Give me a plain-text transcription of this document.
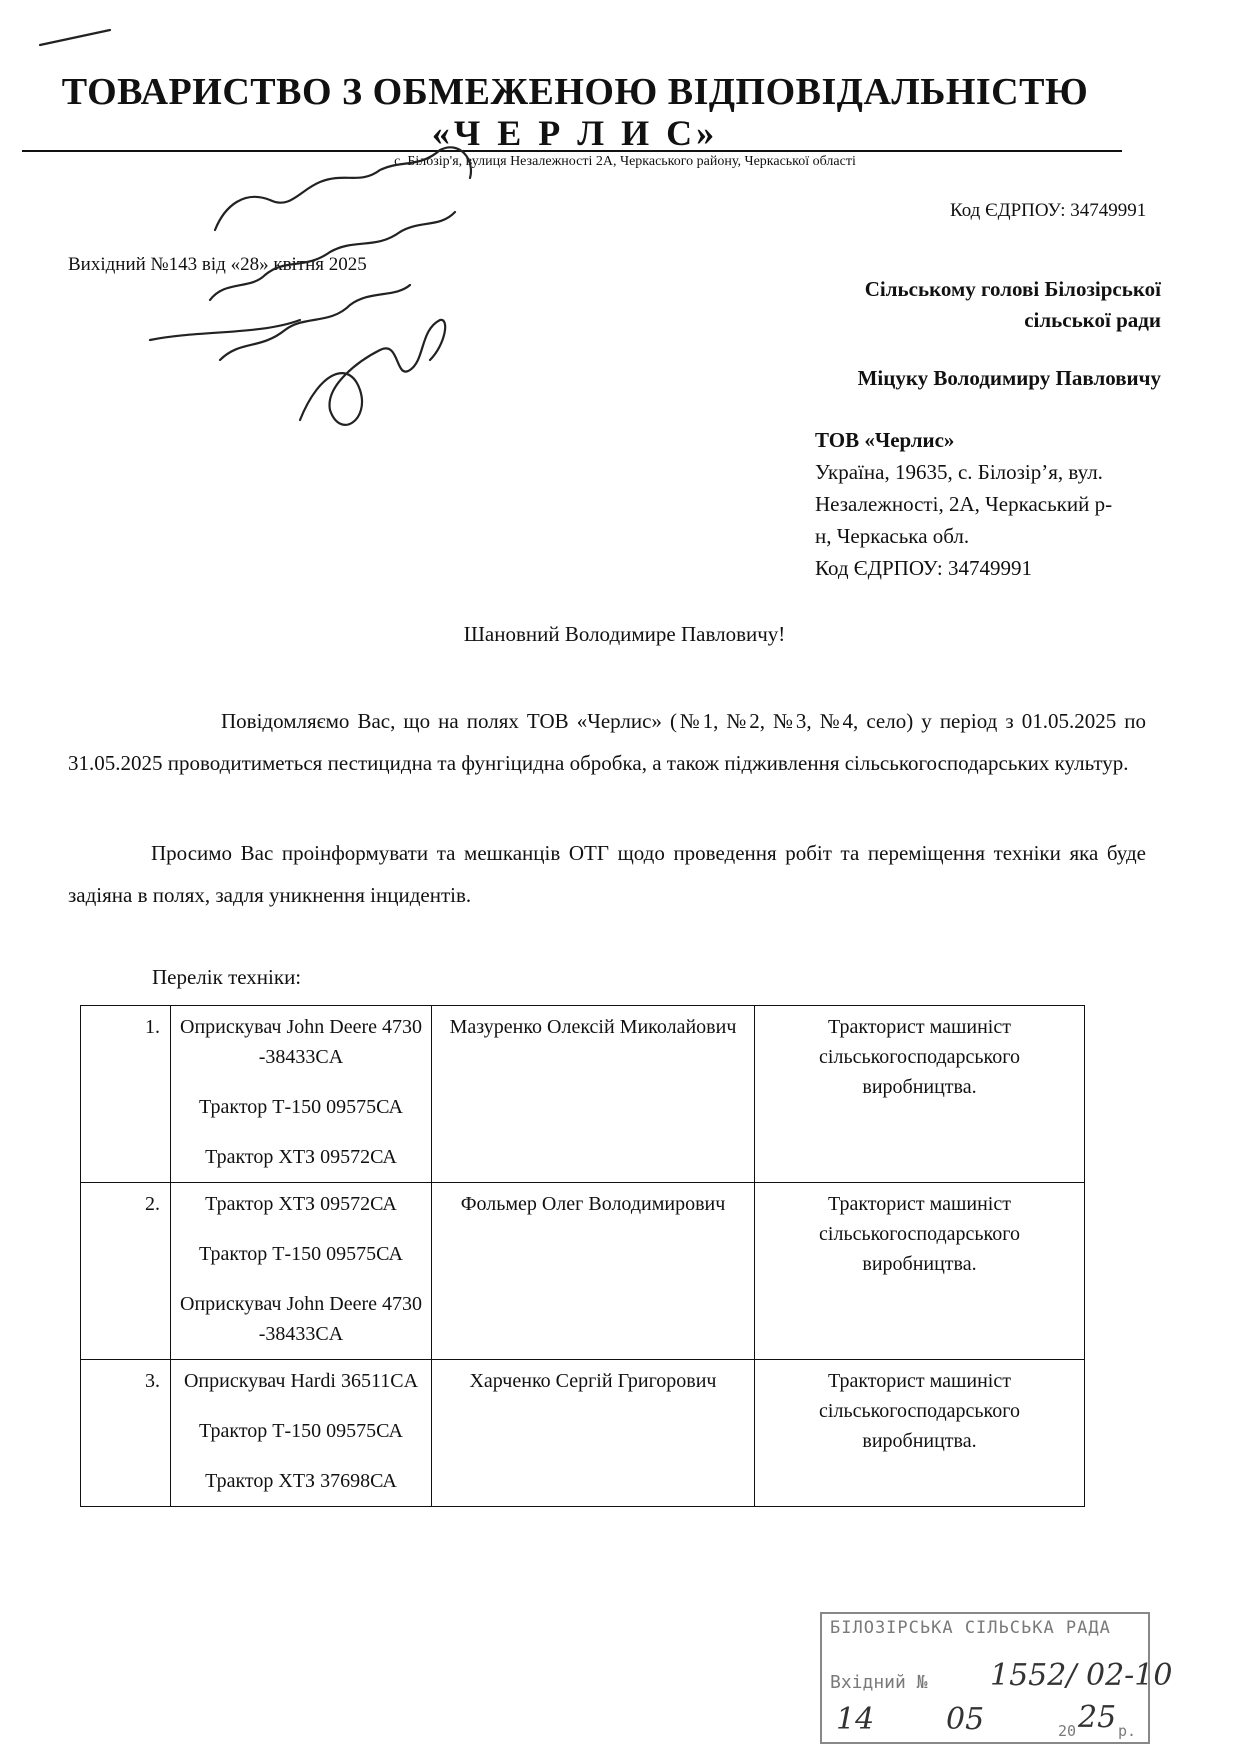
ТОВАРИСТВО З ОБМЕЖЕНОЮ ВІДПОВІДАЛЬНІСТЮ
«Ч Е Р Л И С»
с. Білозір'я, вулиця Незалежності 2А, Черкаського району, Черкаської області
Код ЄДРПОУ: 34749991
Вихідний №143 від «28» квітня 2025
Сільському голові Білозірської
сільської ради
Міцуку Володимиру Павловичу
ТОВ «Черлис»
Україна, 19635, с. Білозір’я, вул.
Незалежності, 2А, Черкаський р-
н, Черкаська обл.
Код ЄДРПОУ: 34749991
Шановний Володимире Павловичу!
Повідомляємо Вас, що на полях ТОВ «Черлис» (№1, №2, №3, №4, село) у період з 01.05.2025 по 31.05.2025 проводитиметься пестицидна та фунгіцидна обробка, а також підживлення сільськогосподарських культур.
Просимо Вас проінформувати та мешканців ОТГ щодо проведення робіт та переміщення техніки яка буде задіяна в полях, задля уникнення інцидентів.
Перелік техніки:
1.	Оприскувач John Deere 4730 -38433CA
Трактор Т-150 09575СА
Трактор ХТЗ 09572СА	Мазуренко Олексій Миколайович	Тракторист машиніст сільськогосподарського виробництва.
2.	Трактор ХТЗ 09572СА
Трактор Т-150 09575СА
Оприскувач John Deere 4730 -38433CA	Фольмер Олег Володимирович	Тракторист машиніст сільськогосподарського виробництва.
3.	Оприскувач Hardi 36511CA
Трактор Т-150 09575СА
Трактор ХТЗ 37698СА	Харченко Сергій Григорович	Тракторист машиніст сільськогосподарського виробництва.
БІЛОЗІРСЬКА СІЛЬСЬКА РАДА
Вхідний № 1552/ 02-10
14 05	20 25 р.
